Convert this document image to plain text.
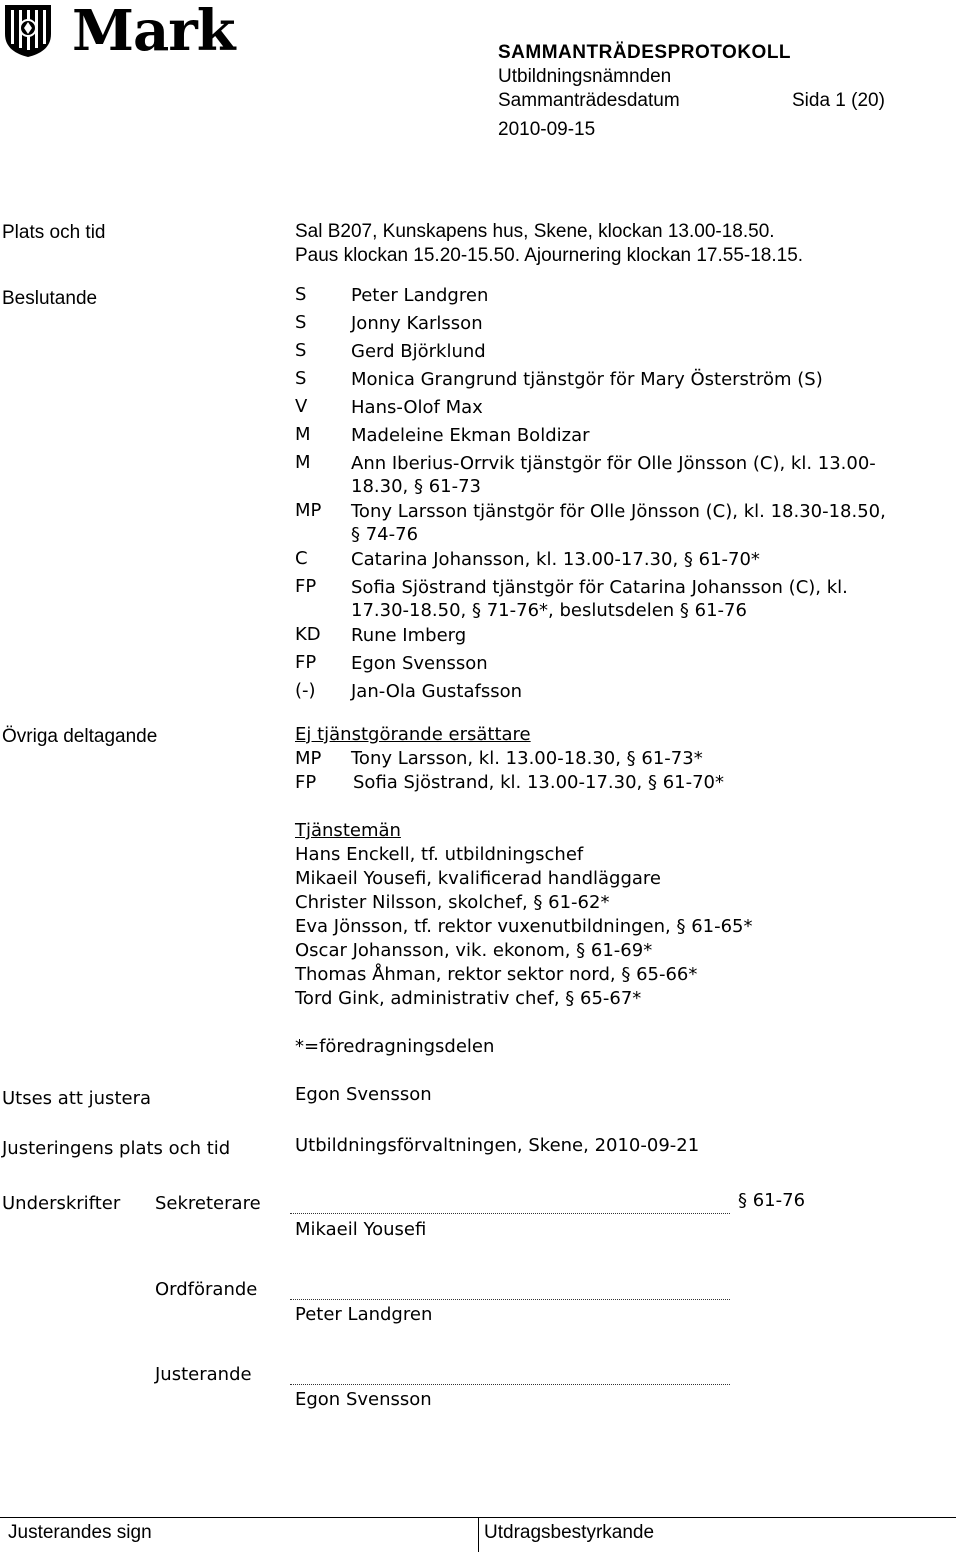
Mark	SAMMANTRÄDESPROTOKOLL
Utbildningsnämnden
Sammanträdesdatum	Sida 1 (20)
2010-09-15
Plats och tid	Sal B207, Kunskapens hus, Skene, klockan 13.00-18.50.
Paus klockan 15.20-15.50. Ajournering klockan 17.55-18.15.
Beslutande	S Peter Landgren
S Jonny Karlsson
S Gerd Björklund
S Monica Grangrund tjänstgör för Mary Österström (S)
V Hans-Olof Max
M Madeleine Ekman Boldizar
M Ann Iberius-Orrvik tjänstgör för Olle Jönsson (C), kl. 13.00-
18.30, § 61-73
MP Tony Larsson tjänstgör för Olle Jönsson (C), kl. 18.30-18.50,
§ 74-76
C Catarina Johansson, kl. 13.00-17.30, § 61-70*
FP Sofia Sjöstrand tjänstgör för Catarina Johansson (C), kl.
17.30-18.50, § 71-76*, beslutsdelen § 61-76
KD Rune Imberg
FP Egon Svensson
(-) Jan-Ola Gustafsson
Övriga deltagande	Ej tjänstgörande ersättare
MP Tony Larsson, kl. 13.00-18.30, § 61-73*
FP Sofia Sjöstrand, kl. 13.00-17.30, § 61-70*
Tjänstemän
Hans Enckell, tf. utbildningschef
Mikaeil Yousefi, kvalificerad handläggare
Christer Nilsson, skolchef, § 61-62*
Eva Jönsson, tf. rektor vuxenutbildningen, § 61-65*
Oscar Johansson, vik. ekonom, § 61-69*
Thomas Åhman, rektor sektor nord, § 65-66*
Tord Gink, administrativ chef, § 65-67*
*=föredragningsdelen
Utses att justera	Egon Svensson
Justeringens plats och tid	Utbildningsförvaltningen, Skene, 2010-09-21
Underskrifter Sekreterare	§ 61-76
Mikaeil Yousefi
Ordförande
Peter Landgren
Justerande
Egon Svensson
Justerandes sign	Utdragsbestyrkande
